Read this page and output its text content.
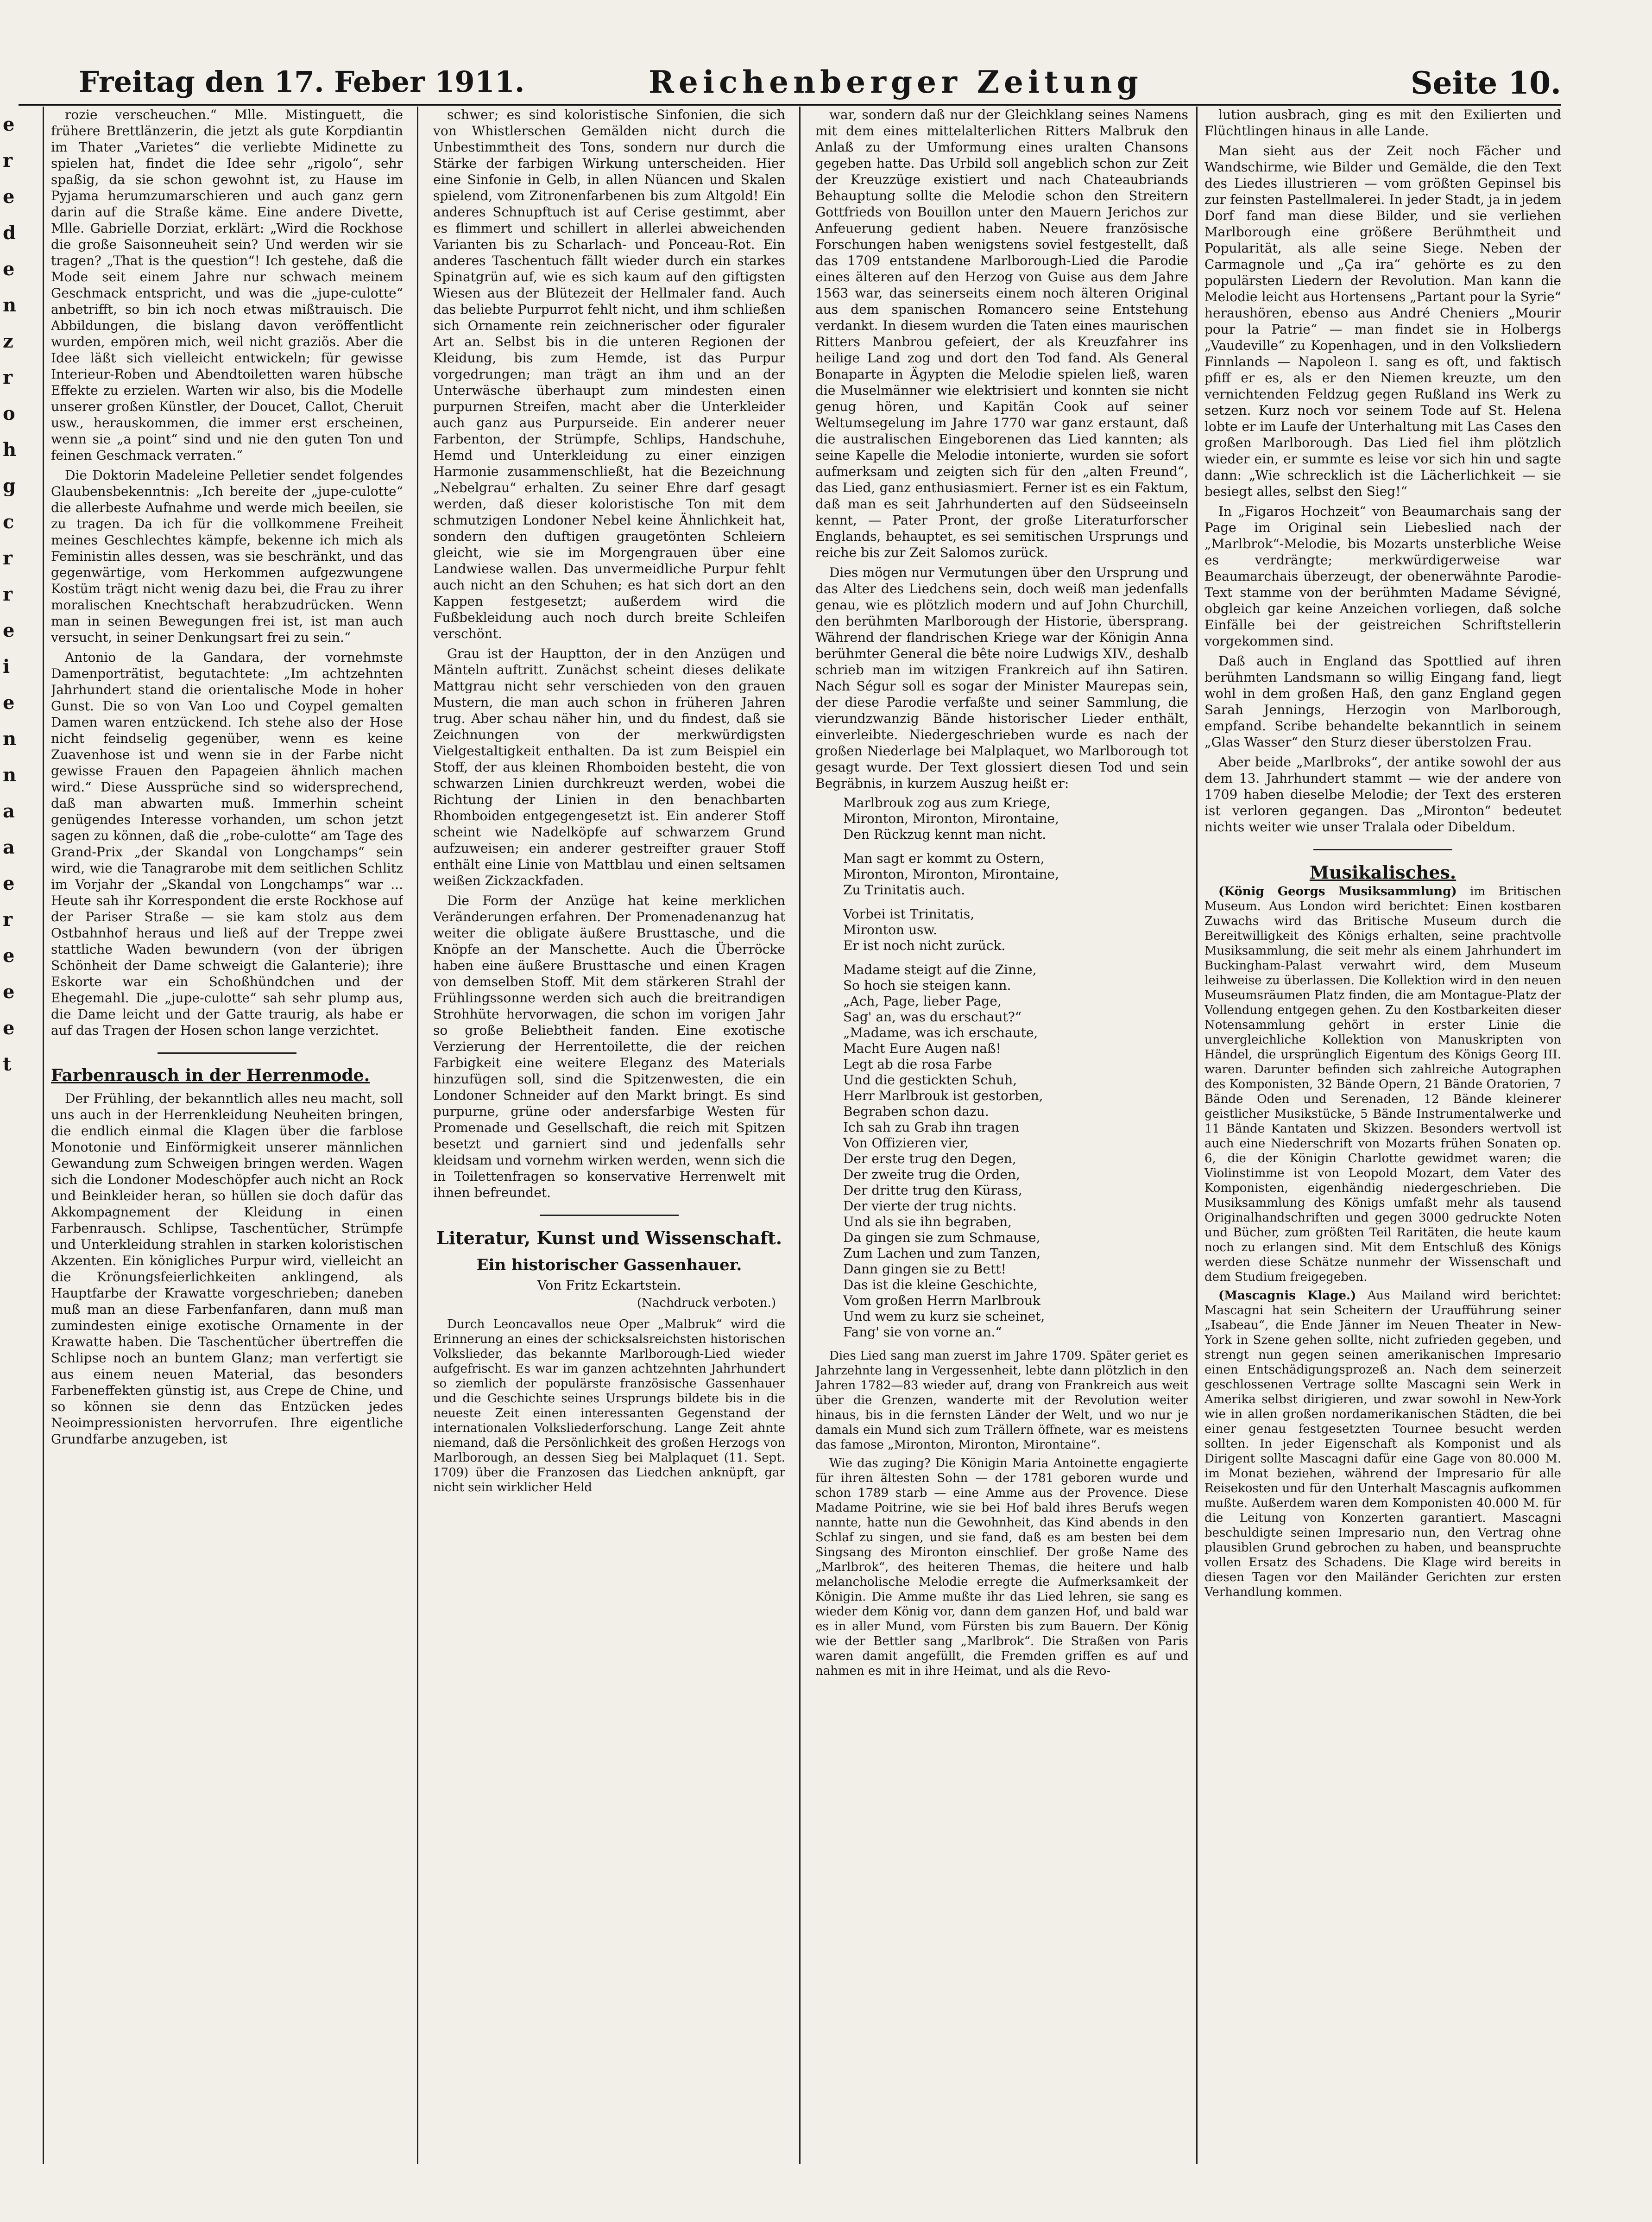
Freitag den 17. Feber 1911.	Reichenberger Zeitung	Seite 10.
e
r
e
d
e
n
z
r
o
h
g
c
r
r
e
i
e
n
n
a
a
e
r
e
e
e
t

rozie verscheuchen.“ Mlle. Mistinguett, die frühere Brettlänzerin, die jetzt als gute Korpdiantin im Thater „Varietes“ die verliebte Midinette zu spielen hat, findet die Idee sehr „rigolo“, sehr spaßig, da sie schon gewohnt ist, zu Hause im Pyjama herumzumarschieren und auch ganz gern darin auf die Straße käme. Eine andere Divette, Mlle. Gabrielle Dorziat, erklärt: „Wird die Rockhose die große Saisonneuheit sein? Und werden wir sie tragen? „That is the question“! Ich gestehe, daß die Mode seit einem Jahre nur schwach meinem Geschmack entspricht, und was die „jupe-culotte“ anbetrifft, so bin ich noch etwas mißtrauisch. Die Abbildungen, die bislang davon veröffentlicht wurden, empören mich, weil nicht graziös. Aber die Idee läßt sich vielleicht entwickeln; für gewisse Interieur-Roben und Abendtoiletten waren hübsche Effekte zu erzielen. Warten wir also, bis die Modelle unserer großen Künstler, der Doucet, Callot, Cheruit usw., herauskommen, die immer erst erscheinen, wenn sie „a point“ sind und nie den guten Ton und feinen Geschmack verraten.“

Die Doktorin Madeleine Pelletier sendet folgendes Glaubensbekenntnis: „Ich bereite der „jupe-culotte“ die allerbeste Aufnahme und werde mich beeilen, sie zu tragen. Da ich für die vollkommene Freiheit meines Geschlechtes kämpfe, bekenne ich mich als Feministin alles dessen, was sie beschränkt, und das gegenwärtige, vom Herkommen aufgezwungene Kostüm trägt nicht wenig dazu bei, die Frau zu ihrer moralischen Knechtschaft herabzudrücken. Wenn man in seinen Bewegungen frei ist, ist man auch versucht, in seiner Denkungsart frei zu sein.“

Antonio de la Gandara, der vornehmste Damenporträtist, begutachtete: „Im achtzehnten Jahrhundert stand die orientalische Mode in hoher Gunst. Die so von Van Loo und Coypel gemalten Damen waren entzückend. Ich stehe also der Hose nicht feindselig gegenüber, wenn es keine Zuavenhose ist und wenn sie in der Farbe nicht gewisse Frauen den Papageien ähnlich machen wird.“ Diese Aussprüche sind so widersprechend, daß man abwarten muß. Immerhin scheint genügendes Interesse vorhanden, um schon jetzt sagen zu können, daß die „robe-culotte“ am Tage des Grand-Prix „der Skandal von Longchamps“ sein wird, wie die Tanagrarobe mit dem seitlichen Schlitz im Vorjahr der „Skandal von Longchamps“ war ... Heute sah ihr Korrespondent die erste Rockhose auf der Pariser Straße — sie kam stolz aus dem Ostbahnhof heraus und ließ auf der Treppe zwei stattliche Waden bewundern (von der übrigen Schönheit der Dame schweigt die Galanterie); ihre Eskorte war ein Schoßhündchen und der Ehegemahl. Die „jupe-culotte“ sah sehr plump aus, die Dame leicht und der Gatte traurig, als habe er auf das Tragen der Hosen schon lange verzichtet.

Farbenrausch in der Herrenmode.

Der Frühling, der bekanntlich alles neu macht, soll uns auch in der Herrenkleidung Neuheiten bringen, die endlich einmal die Klagen über die farblose Monotonie und Einförmigkeit unserer männlichen Gewandung zum Schweigen bringen werden. Wagen sich die Londoner Modeschöpfer auch nicht an Rock und Beinkleider heran, so hüllen sie doch dafür das Akkompagnement der Kleidung in einen Farbenrausch. Schlipse, Taschentücher, Strümpfe und Unterkleidung strahlen in starken koloristischen Akzenten. Ein königliches Purpur wird, vielleicht an die Krönungsfeierlichkeiten anklingend, als Hauptfarbe der Krawatte vorgeschrieben; daneben muß man an diese Farbenfanfaren, dann muß man zumindesten einige exotische Ornamente in der Krawatte haben. Die Taschentücher übertreffen die Schlipse noch an buntem Glanz; man verfertigt sie aus einem neuen Material, das besonders Farbeneffekten günstig ist, aus Crepe de Chine, und so können sie denn das Entzücken jedes Neoimpressionisten hervorrufen. Ihre eigentliche Grundfarbe anzugeben, ist

schwer; es sind koloristische Sinfonien, die sich von Whistlerschen Gemälden nicht durch die Unbestimmtheit des Tons, sondern nur durch die Stärke der farbigen Wirkung unterscheiden. Hier eine Sinfonie in Gelb, in allen Nüancen und Skalen spielend, vom Zitronenfarbenen bis zum Altgold! Ein anderes Schnupftuch ist auf Cerise gestimmt, aber es flimmert und schillert in allerlei abweichenden Varianten bis zu Scharlach- und Ponceau-Rot. Ein anderes Taschentuch fällt wieder durch ein starkes Spinatgrün auf, wie es sich kaum auf den giftigsten Wiesen aus der Blütezeit der Hellmaler fand. Auch das beliebte Purpurrot fehlt nicht, und ihm schließen sich Ornamente rein zeichnerischer oder figuraler Art an. Selbst bis in die unteren Regionen der Kleidung, bis zum Hemde, ist das Purpur vorgedrungen; man trägt an ihm und an der Unterwäsche überhaupt zum mindesten einen purpurnen Streifen, macht aber die Unterkleider auch ganz aus Purpurseide. Ein anderer neuer Farbenton, der Strümpfe, Schlips, Handschuhe, Hemd und Unterkleidung zu einer einzigen Harmonie zusammenschließt, hat die Bezeichnung „Nebelgrau“ erhalten. Zu seiner Ehre darf gesagt werden, daß dieser koloristische Ton mit dem schmutzigen Londoner Nebel keine Ähnlichkeit hat, sondern den duftigen graugetönten Schleiern gleicht, wie sie im Morgengrauen über eine Landwiese wallen. Das unvermeidliche Purpur fehlt auch nicht an den Schuhen; es hat sich dort an den Kappen festgesetzt; außerdem wird die Fußbekleidung auch noch durch breite Schleifen verschönt.

Grau ist der Hauptton, der in den Anzügen und Mänteln auftritt. Zunächst scheint dieses delikate Mattgrau nicht sehr verschieden von den grauen Mustern, die man auch schon in früheren Jahren trug. Aber schau näher hin, und du findest, daß sie Zeichnungen von der merkwürdigsten Vielgestaltigkeit enthalten. Da ist zum Beispiel ein Stoff, der aus kleinen Rhomboiden besteht, die von schwarzen Linien durchkreuzt werden, wobei die Richtung der Linien in den benachbarten Rhomboiden entgegengesetzt ist. Ein anderer Stoff scheint wie Nadelköpfe auf schwarzem Grund aufzuweisen; ein anderer gestreifter grauer Stoff enthält eine Linie von Mattblau und einen seltsamen weißen Zickzackfaden.

Die Form der Anzüge hat keine merklichen Veränderungen erfahren. Der Promenadenanzug hat weiter die obligate äußere Brusttasche, und die Knöpfe an der Manschette. Auch die Überröcke haben eine äußere Brusttasche und einen Kragen von demselben Stoff. Mit dem stärkeren Strahl der Frühlingssonne werden sich auch die breitrandigen Strohhüte hervorwagen, die schon im vorigen Jahr so große Beliebtheit fanden. Eine exotische Verzierung der Herrentoilette, die der reichen Farbigkeit eine weitere Eleganz des Materials hinzufügen soll, sind die Spitzenwesten, die ein Londoner Schneider auf den Markt bringt. Es sind purpurne, grüne oder andersfarbige Westen für Promenade und Gesellschaft, die reich mit Spitzen besetzt und garniert sind und jedenfalls sehr kleidsam und vornehm wirken werden, wenn sich die in Toilettenfragen so konservative Herrenwelt mit ihnen befreundet.

Literatur, Kunst und Wissenschaft.
Ein historischer Gassenhauer.
Von Fritz Eckartstein.
(Nachdruck verboten.)

Durch Leoncavallos neue Oper „Malbruk“ wird die Erinnerung an eines der schicksalsreichsten historischen Volkslieder, das bekannte Marlborough-Lied wieder aufgefrischt. Es war im ganzen achtzehnten Jahrhundert so ziemlich der populärste französische Gassenhauer und die Geschichte seines Ursprungs bildete bis in die neueste Zeit einen interessanten Gegenstand der internationalen Volksliederforschung. Lange Zeit ahnte niemand, daß die Persönlichkeit des großen Herzogs von Marlborough, an dessen Sieg bei Malplaquet (11. Sept. 1709) über die Franzosen das Liedchen anknüpft, gar nicht sein wirklicher Held

war, sondern daß nur der Gleichklang seines Namens mit dem eines mittelalterlichen Ritters Malbruk den Anlaß zu der Umformung eines uralten Chansons gegeben hatte. Das Urbild soll angeblich schon zur Zeit der Kreuzzüge existiert und nach Chateaubriands Behauptung sollte die Melodie schon den Streitern Gottfrieds von Bouillon unter den Mauern Jerichos zur Anfeuerung gedient haben. Neuere französische Forschungen haben wenigstens soviel festgestellt, daß das 1709 entstandene Marlborough-Lied die Parodie eines älteren auf den Herzog von Guise aus dem Jahre 1563 war, das seinerseits einem noch älteren Original aus dem spanischen Romancero seine Entstehung verdankt. In diesem wurden die Taten eines maurischen Ritters Manbrou gefeiert, der als Kreuzfahrer ins heilige Land zog und dort den Tod fand. Als General Bonaparte in Ägypten die Melodie spielen ließ, waren die Muselmänner wie elektrisiert und konnten sie nicht genug hören, und Kapitän Cook auf seiner Weltumsegelung im Jahre 1770 war ganz erstaunt, daß die australischen Eingeborenen das Lied kannten; als seine Kapelle die Melodie intonierte, wurden sie sofort aufmerksam und zeigten sich für den „alten Freund“, das Lied, ganz enthusiasmiert. Ferner ist es ein Faktum, daß man es seit Jahrhunderten auf den Südseeinseln kennt, — Pater Pront, der große Literaturforscher Englands, behauptet, es sei semitischen Ursprungs und reiche bis zur Zeit Salomos zurück.

Dies mögen nur Vermutungen über den Ursprung und das Alter des Liedchens sein, doch weiß man jedenfalls genau, wie es plötzlich modern und auf John Churchill, den berühmten Marlborough der Historie, übersprang. Während der flandrischen Kriege war der Königin Anna berühmter General die bête noire Ludwigs XIV., deshalb schrieb man im witzigen Frankreich auf ihn Satiren. Nach Ségur soll es sogar der Minister Maurepas sein, der diese Parodie verfaßte und seiner Sammlung, die vierundzwanzig Bände historischer Lieder enthält, einverleibte. Niedergeschrieben wurde es nach der großen Niederlage bei Malplaquet, wo Marlborough tot gesagt wurde. Der Text glossiert diesen Tod und sein Begräbnis, in kurzem Auszug heißt er:

Marlbrouk zog aus zum Kriege,
Mironton, Mironton, Mirontaine,
Den Rückzug kennt man nicht.
Man sagt er kommt zu Ostern,
Mironton, Mironton, Mirontaine,
Zu Trinitatis auch.
Vorbei ist Trinitatis,
Mironton usw.
Er ist noch nicht zurück.
Madame steigt auf die Zinne,
So hoch sie steigen kann.
„Ach, Page, lieber Page,
Sag' an, was du erschaut?“
„Madame, was ich erschaute,
Macht Eure Augen naß!
Legt ab die rosa Farbe
Und die gestickten Schuh,
Herr Marlbrouk ist gestorben,
Begraben schon dazu.
Ich sah zu Grab ihn tragen
Von Offizieren vier,
Der erste trug den Degen,
Der zweite trug die Orden,
Der dritte trug den Kürass,
Der vierte der trug nichts.
Und als sie ihn begraben,
Da gingen sie zum Schmause,
Zum Lachen und zum Tanzen,
Dann gingen sie zu Bett!
Das ist die kleine Geschichte,
Vom großen Herrn Marlbrouk
Und wem zu kurz sie scheinet,
Fang' sie von vorne an.“

Dies Lied sang man zuerst im Jahre 1709. Später geriet es Jahrzehnte lang in Vergessenheit, lebte dann plötzlich in den Jahren 1782—83 wieder auf, drang von Frankreich aus weit über die Grenzen, wanderte mit der Revolution weiter hinaus, bis in die fernsten Länder der Welt, und wo nur je damals ein Mund sich zum Trällern öffnete, war es meistens das famose „Mironton, Mironton, Mirontaine“.

Wie das zuging? Die Königin Maria Antoinette engagierte für ihren ältesten Sohn — der 1781 geboren wurde und schon 1789 starb — eine Amme aus der Provence. Diese Madame Poitrine, wie sie bei Hof bald ihres Berufs wegen nannte, hatte nun die Gewohnheit, das Kind abends in den Schlaf zu singen, und sie fand, daß es am besten bei dem Singsang des Mironton einschlief. Der große Name des „Marlbrok“, des heiteren Themas, die heitere und halb melancholische Melodie erregte die Aufmerksamkeit der Königin. Die Amme mußte ihr das Lied lehren, sie sang es wieder dem König vor, dann dem ganzen Hof, und bald war es in aller Mund, vom Fürsten bis zum Bauern. Der König wie der Bettler sang „Marlbrok“. Die Straßen von Paris waren damit angefüllt, die Fremden griffen es auf und nahmen es mit in ihre Heimat, und als die Revo-

lution ausbrach, ging es mit den Exilierten und Flüchtlingen hinaus in alle Lande.

Man sieht aus der Zeit noch Fächer und Wandschirme, wie Bilder und Gemälde, die den Text des Liedes illustrieren — vom größten Gepinsel bis zur feinsten Pastellmalerei. In jeder Stadt, ja in jedem Dorf fand man diese Bilder, und sie verliehen Marlborough eine größere Berühmtheit und Popularität, als alle seine Siege. Neben der Carmagnole und „Ça ira“ gehörte es zu den populärsten Liedern der Revolution. Man kann die Melodie leicht aus Hortensens „Partant pour la Syrie“ heraushören, ebenso aus André Cheniers „Mourir pour la Patrie“ — man findet sie in Holbergs „Vaudeville“ zu Kopenhagen, und in den Volksliedern Finnlands — Napoleon I. sang es oft, und faktisch pfiff er es, als er den Niemen kreuzte, um den vernichtenden Feldzug gegen Rußland ins Werk zu setzen. Kurz noch vor seinem Tode auf St. Helena lobte er im Laufe der Unterhaltung mit Las Cases den großen Marlborough. Das Lied fiel ihm plötzlich wieder ein, er summte es leise vor sich hin und sagte dann: „Wie schrecklich ist die Lächerlichkeit — sie besiegt alles, selbst den Sieg!“

In „Figaros Hochzeit“ von Beaumarchais sang der Page im Original sein Liebeslied nach der „Marlbrok“-Melodie, bis Mozarts unsterbliche Weise es verdrängte; merkwürdigerweise war Beaumarchais überzeugt, der obenerwähnte Parodie-Text stamme von der berühmten Madame Sévigné, obgleich gar keine Anzeichen vorliegen, daß solche Einfälle bei der geistreichen Schriftstellerin vorgekommen sind.

Daß auch in England das Spottlied auf ihren berühmten Landsmann so willig Eingang fand, liegt wohl in dem großen Haß, den ganz England gegen Sarah Jennings, Herzogin von Marlborough, empfand. Scribe behandelte bekanntlich in seinem „Glas Wasser“ den Sturz dieser überstolzen Frau.

Aber beide „Marlbroks“, der antike sowohl der aus dem 13. Jahrhundert stammt — wie der andere von 1709 haben dieselbe Melodie; der Text des ersteren ist verloren gegangen. Das „Mironton“ bedeutet nichts weiter wie unser Tralala oder Dibeldum.

Musikalisches.

(König Georgs Musiksammlung) im Britischen Museum. Aus London wird berichtet: Einen kostbaren Zuwachs wird das Britische Museum durch die Bereitwilligkeit des Königs erhalten, seine prachtvolle Musiksammlung, die seit mehr als einem Jahrhundert im Buckingham-Palast verwahrt wird, dem Museum leihweise zu überlassen. Die Kollektion wird in den neuen Museumsräumen Platz finden, die am Montague-Platz der Vollendung entgegen gehen. Zu den Kostbarkeiten dieser Notensammlung gehört in erster Linie die unvergleichliche Kollektion von Manuskripten von Händel, die ursprünglich Eigentum des Königs Georg III. waren. Darunter befinden sich zahlreiche Autographen des Komponisten, 32 Bände Opern, 21 Bände Oratorien, 7 Bände Oden und Serenaden, 12 Bände kleinerer geistlicher Musikstücke, 5 Bände Instrumentalwerke und 11 Bände Kantaten und Skizzen. Besonders wertvoll ist auch eine Niederschrift von Mozarts frühen Sonaten op. 6, die der Königin Charlotte gewidmet waren; die Violinstimme ist von Leopold Mozart, dem Vater des Komponisten, eigenhändig niedergeschrieben. Die Musiksammlung des Königs umfaßt mehr als tausend Originalhandschriften und gegen 3000 gedruckte Noten und Bücher, zum größten Teil Raritäten, die heute kaum noch zu erlangen sind. Mit dem Entschluß des Königs werden diese Schätze nunmehr der Wissenschaft und dem Studium freigegeben.

(Mascagnis Klage.) Aus Mailand wird berichtet: Mascagni hat sein Scheitern der Uraufführung seiner „Isabeau“, die Ende Jänner im Neuen Theater in New-York in Szene gehen sollte, nicht zufrieden gegeben, und strengt nun gegen seinen amerikanischen Impresario einen Entschädigungsprozeß an. Nach dem seinerzeit geschlossenen Vertrage sollte Mascagni sein Werk in Amerika selbst dirigieren, und zwar sowohl in New-York wie in allen großen nordamerikanischen Städten, die bei einer genau festgesetzten Tournee besucht werden sollten. In jeder Eigenschaft als Komponist und als Dirigent sollte Mascagni dafür eine Gage von 80.000 M. im Monat beziehen, während der Impresario für alle Reisekosten und für den Unterhalt Mascagnis aufkommen mußte. Außerdem waren dem Komponisten 40.000 M. für die Leitung von Konzerten garantiert. Mascagni beschuldigte seinen Impresario nun, den Vertrag ohne plausiblen Grund gebrochen zu haben, und beanspruchte vollen Ersatz des Schadens. Die Klage wird bereits in diesen Tagen vor den Mailänder Gerichten zur ersten Verhandlung kommen.
